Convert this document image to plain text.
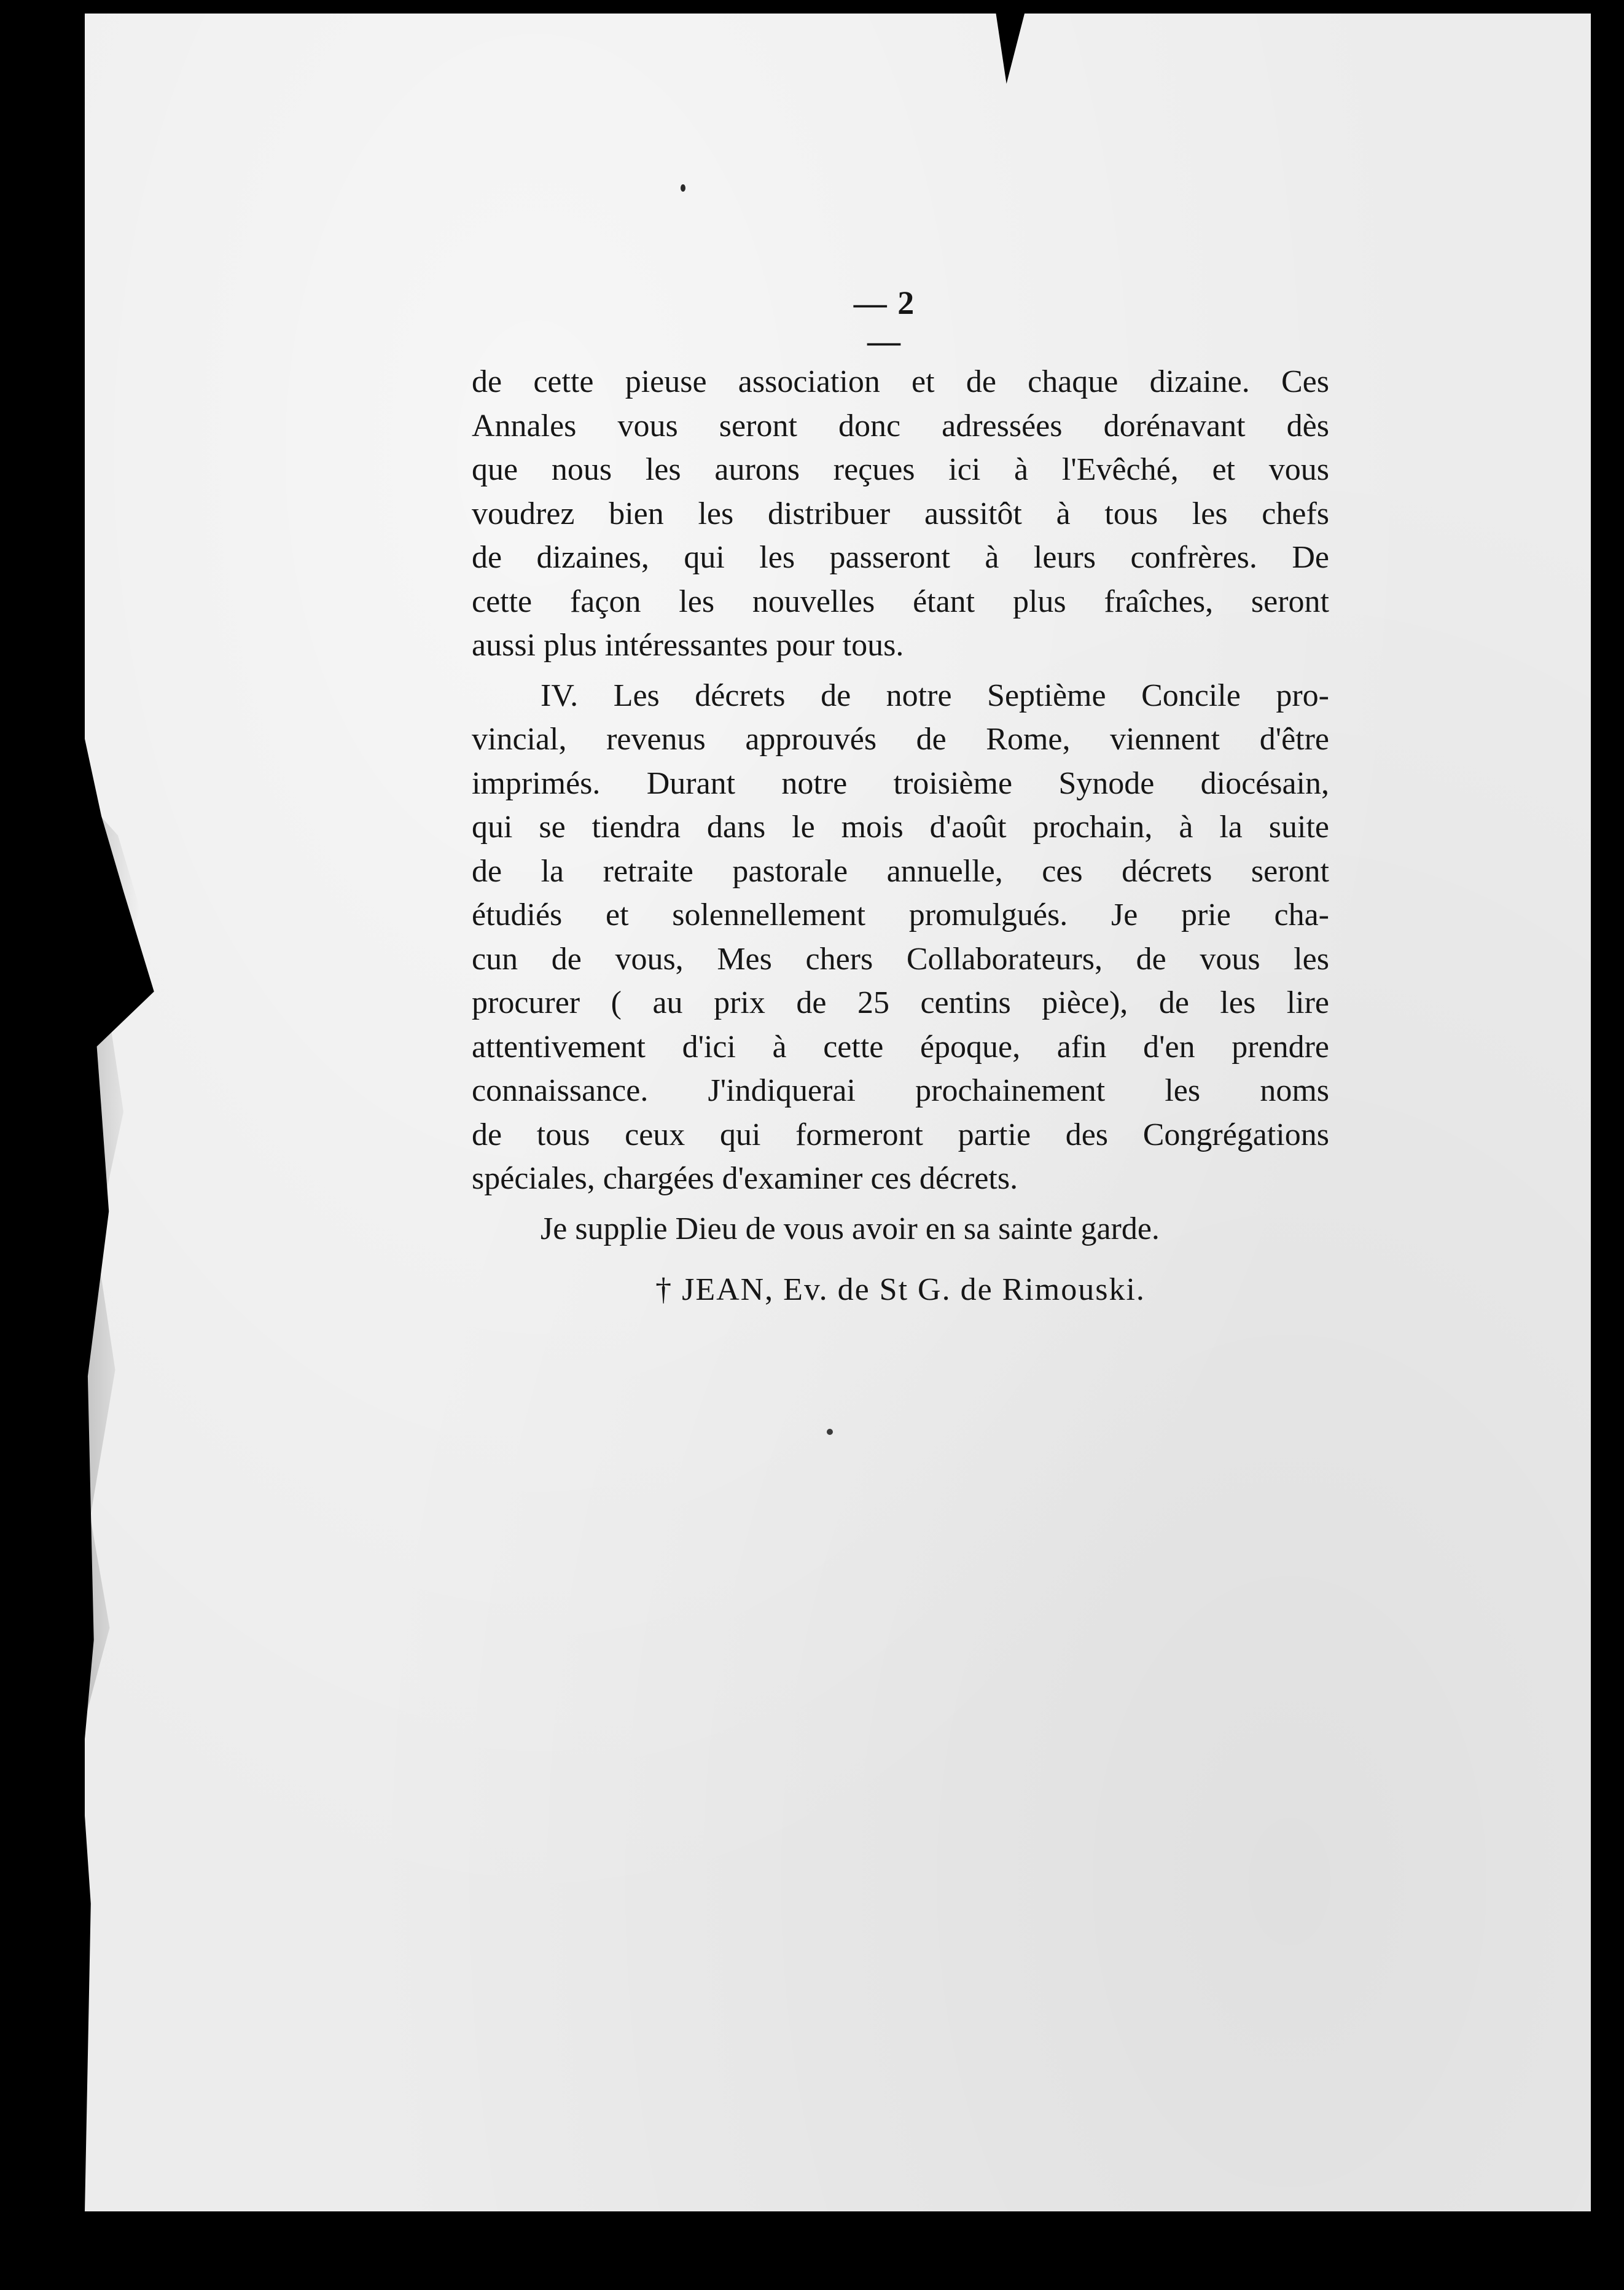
— 2 —
de cette pieuse association et de chaque dizaine. Ces
Annales vous seront donc adressées dorénavant dès
que nous les aurons reçues ici à l'Evêché, et vous
voudrez bien les distribuer aussitôt à tous les chefs
de dizaines, qui les passeront à leurs confrères. De
cette façon les nouvelles étant plus fraîches, seront
aussi plus intéressantes pour tous.
IV. Les décrets de notre Septième Concile pro-
vincial, revenus approuvés de Rome, viennent d'être
imprimés. Durant notre troisième Synode diocésain,
qui se tiendra dans le mois d'août prochain, à la suite
de la retraite pastorale annuelle, ces décrets seront
étudiés et solennellement promulgués. Je prie cha-
cun de vous, Mes chers Collaborateurs, de vous les
procurer ( au prix de 25 centins pièce), de les lire
attentivement d'ici à cette époque, afin d'en prendre
connaissance. J'indiquerai prochainement les noms
de tous ceux qui formeront partie des Congrégations
spéciales, chargées d'examiner ces décrets.
Je supplie Dieu de vous avoir en sa sainte garde.
† JEAN, Ev. de St G. de Rimouski.
